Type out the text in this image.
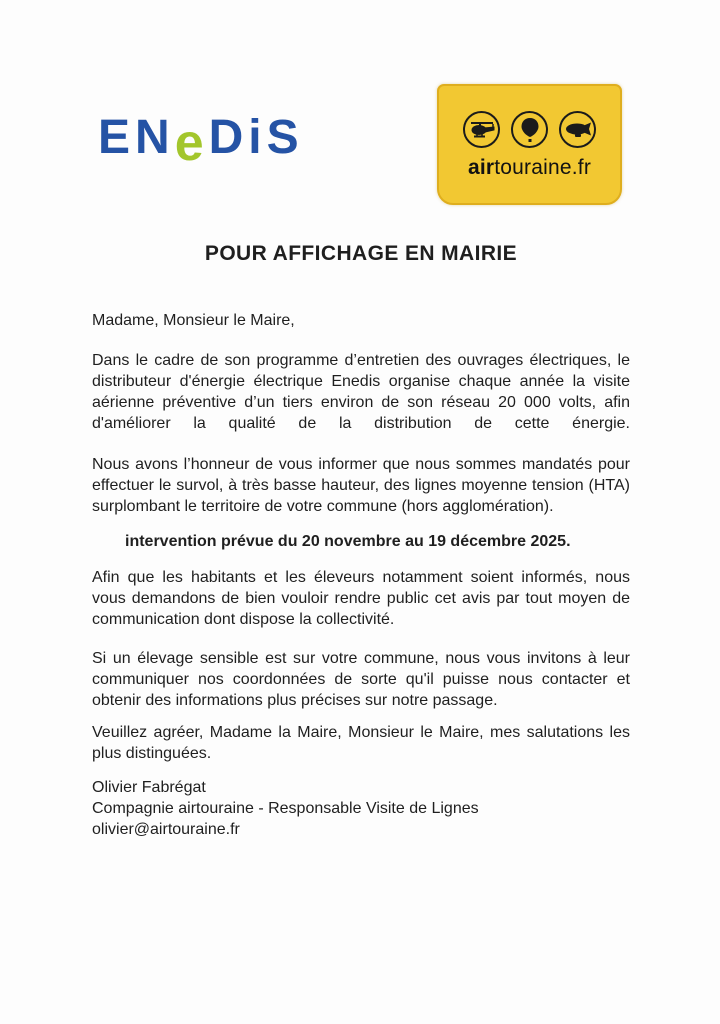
ENeDiS
airtouraine.fr
POUR AFFICHAGE EN MAIRIE

Madame, Monsieur le Maire,

Dans le cadre de son programme d’entretien des ouvrages électriques, le distributeur d'énergie électrique Enedis organise chaque année la visite aérienne préventive d’un tiers environ de son réseau 20 000 volts, afin d'améliorer la qualité de la distribution de cette énergie.

Nous avons l’honneur de vous informer que nous sommes mandatés pour effectuer le survol, à très basse hauteur, des lignes moyenne tension (HTA) surplombant le territoire de votre commune (hors agglomération).

intervention prévue du 20 novembre au 19 décembre 2025.

Afin que les habitants et les éleveurs notamment soient informés, nous vous demandons de bien vouloir rendre public cet avis par tout moyen de communication dont dispose la collectivité.

Si un élevage sensible est sur votre commune, nous vous invitons à leur communiquer nos coordonnées de sorte qu'il puisse nous contacter et obtenir des informations plus précises sur notre passage.

Veuillez agréer, Madame la Maire, Monsieur le Maire, mes salutations les plus distinguées.

Olivier Fabrégat
Compagnie airtouraine - Responsable Visite de Lignes
olivier@airtouraine.fr
